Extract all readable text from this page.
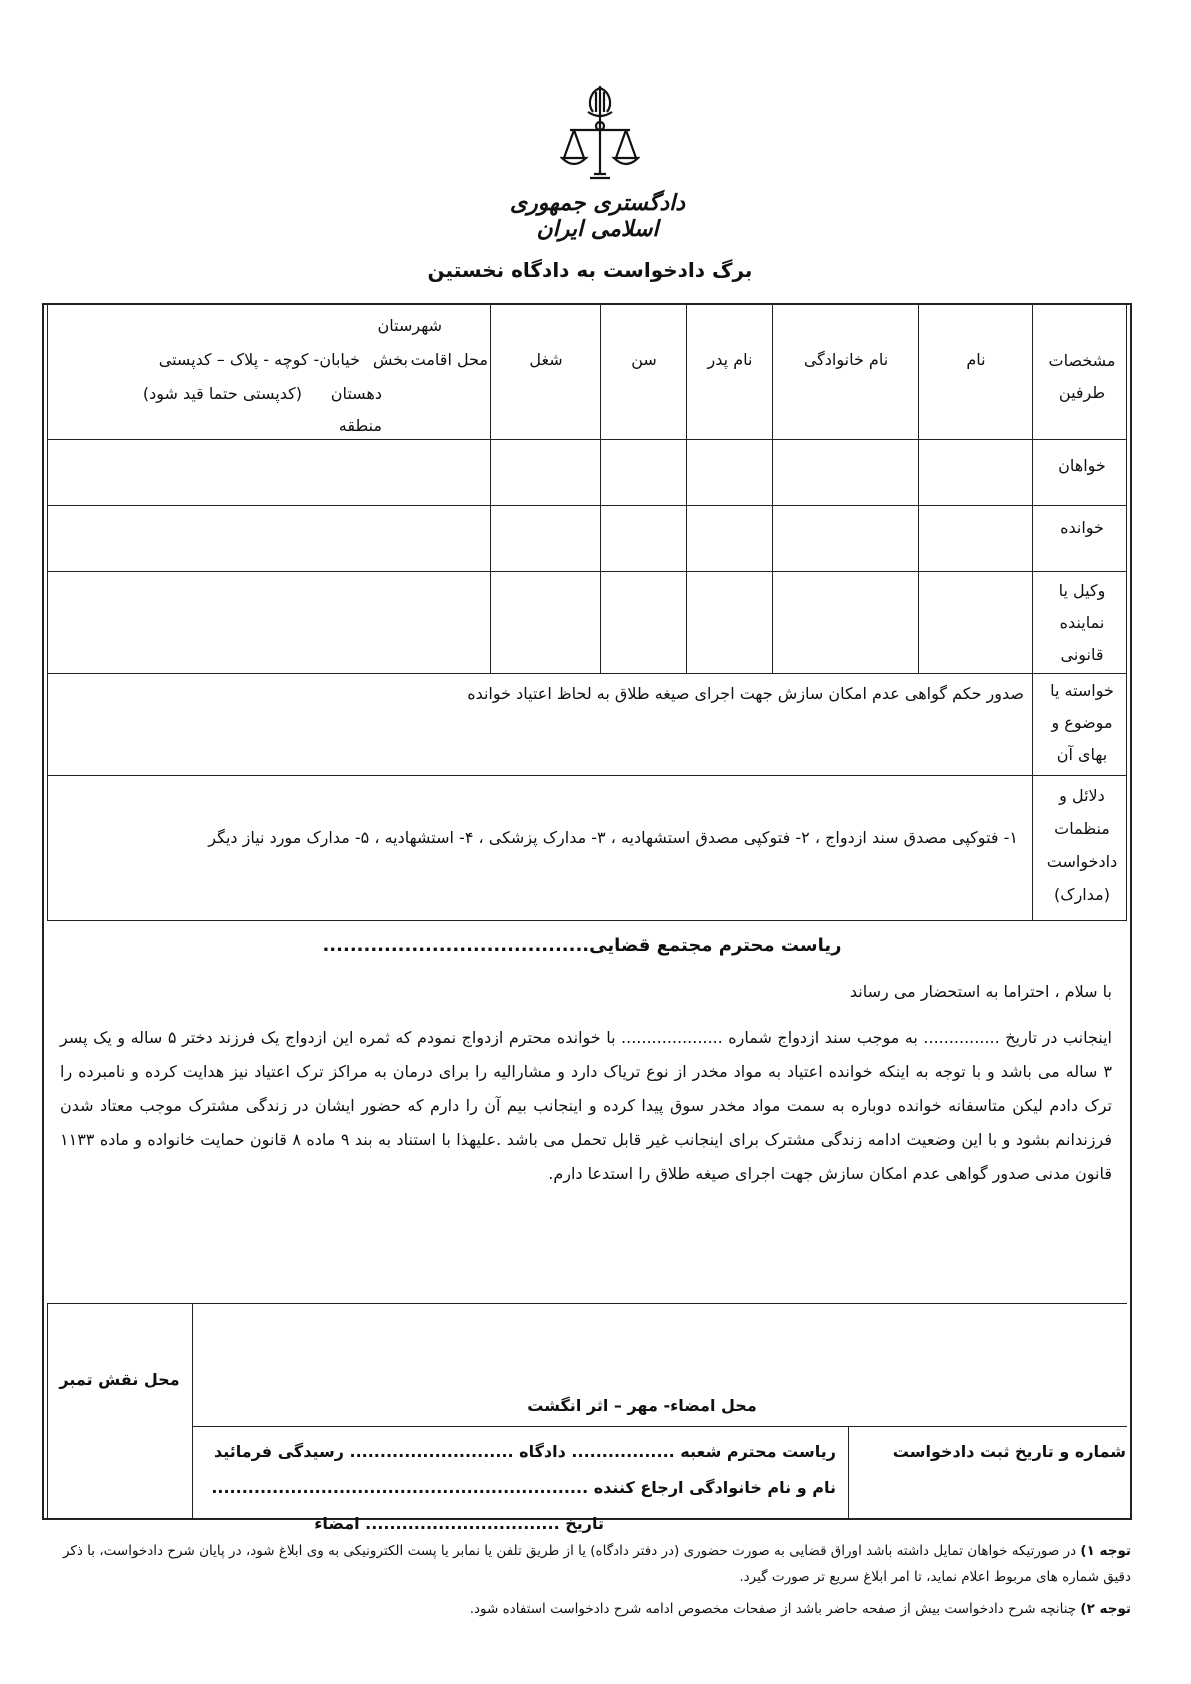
دادگستری جمهوری اسلامی ایران
برگ دادخواست به دادگاه نخستین
مشخصات طرفین
نام
نام خانوادگی
نام پدر
سن
شغل
محل اقامت
شهرستان
بخش
خیابان- کوچه - پلاک – کدپستی
دهستان
(کدپستی حتما قید شود)
منطقه
خواهان
خوانده
وکیل یا نماینده قانونی
خواسته یا موضوع و بهای آن
صدور حکم گواهی عدم امکان سازش جهت اجرای صیغه طلاق به لحاظ اعتیاد خوانده
دلائل و منظمات دادخواست (مدارک)
۱- فتوکپی مصدق سند ازدواج ، ۲- فتوکپی مصدق استشهادیه ، ۳- مدارک پزشکی ، ۴- استشهادیه ، ۵- مدارک مورد نیاز دیگر
ریاست محترم مجتمع قضایی.......................................
با سلام ، احتراما به استحضار می رساند
اینجانب در تاریخ ............... به موجب سند ازدواج شماره .................... با خوانده محترم ازدواج نمودم که ثمره این ازدواج یک فرزند دختر ۵ ساله و یک پسر ۳ ساله می باشد و با توجه به اینکه خوانده اعتیاد به مواد مخدر از نوع تریاک دارد و مشارالیه را برای درمان به مراکز ترک اعتیاد نیز هدایت کرده و نامبرده را ترک دادم لیکن متاسفانه خوانده دوباره به سمت مواد مخدر سوق پیدا کرده و اینجانب بیم آن را دارم که حضور ایشان در زندگی مشترک موجب معتاد شدن فرزندانم بشود و با این وضعیت ادامه زندگی مشترک برای اینجانب غیر قابل تحمل می باشد .علیهذا با استناد به بند ۹ ماده ۸ قانون حمایت خانواده و ماده ۱۱۳۳ قانون مدنی صدور گواهی عدم امکان سازش جهت اجرای صیغه طلاق را استدعا دارم.
محل نقش تمبر
محل امضاء- مهر – اثر انگشت
شماره و تاریخ ثبت دادخواست
ریاست محترم شعبه ................. دادگاه ........................... رسیدگی فرمائید
نام و نام خانوادگی ارجاع کننده ..............................................................
تاریخ ................................ امضاء
توجه ۱) در صورتیکه خواهان تمایل داشته باشد اوراق قضایی به صورت حضوری (در دفتر دادگاه) یا از طریق تلفن یا نمابر یا پست الکترونیکی به وی ابلاغ شود، در پایان شرح دادخواست، با ذکر دقیق شماره های مربوط اعلام نماید، تا امر ابلاغ سریع تر صورت گیرد.
توجه ۲) چنانچه شرح دادخواست بیش از صفحه حاضر باشد از صفحات مخصوص ادامه شرح دادخواست استفاده شود.
